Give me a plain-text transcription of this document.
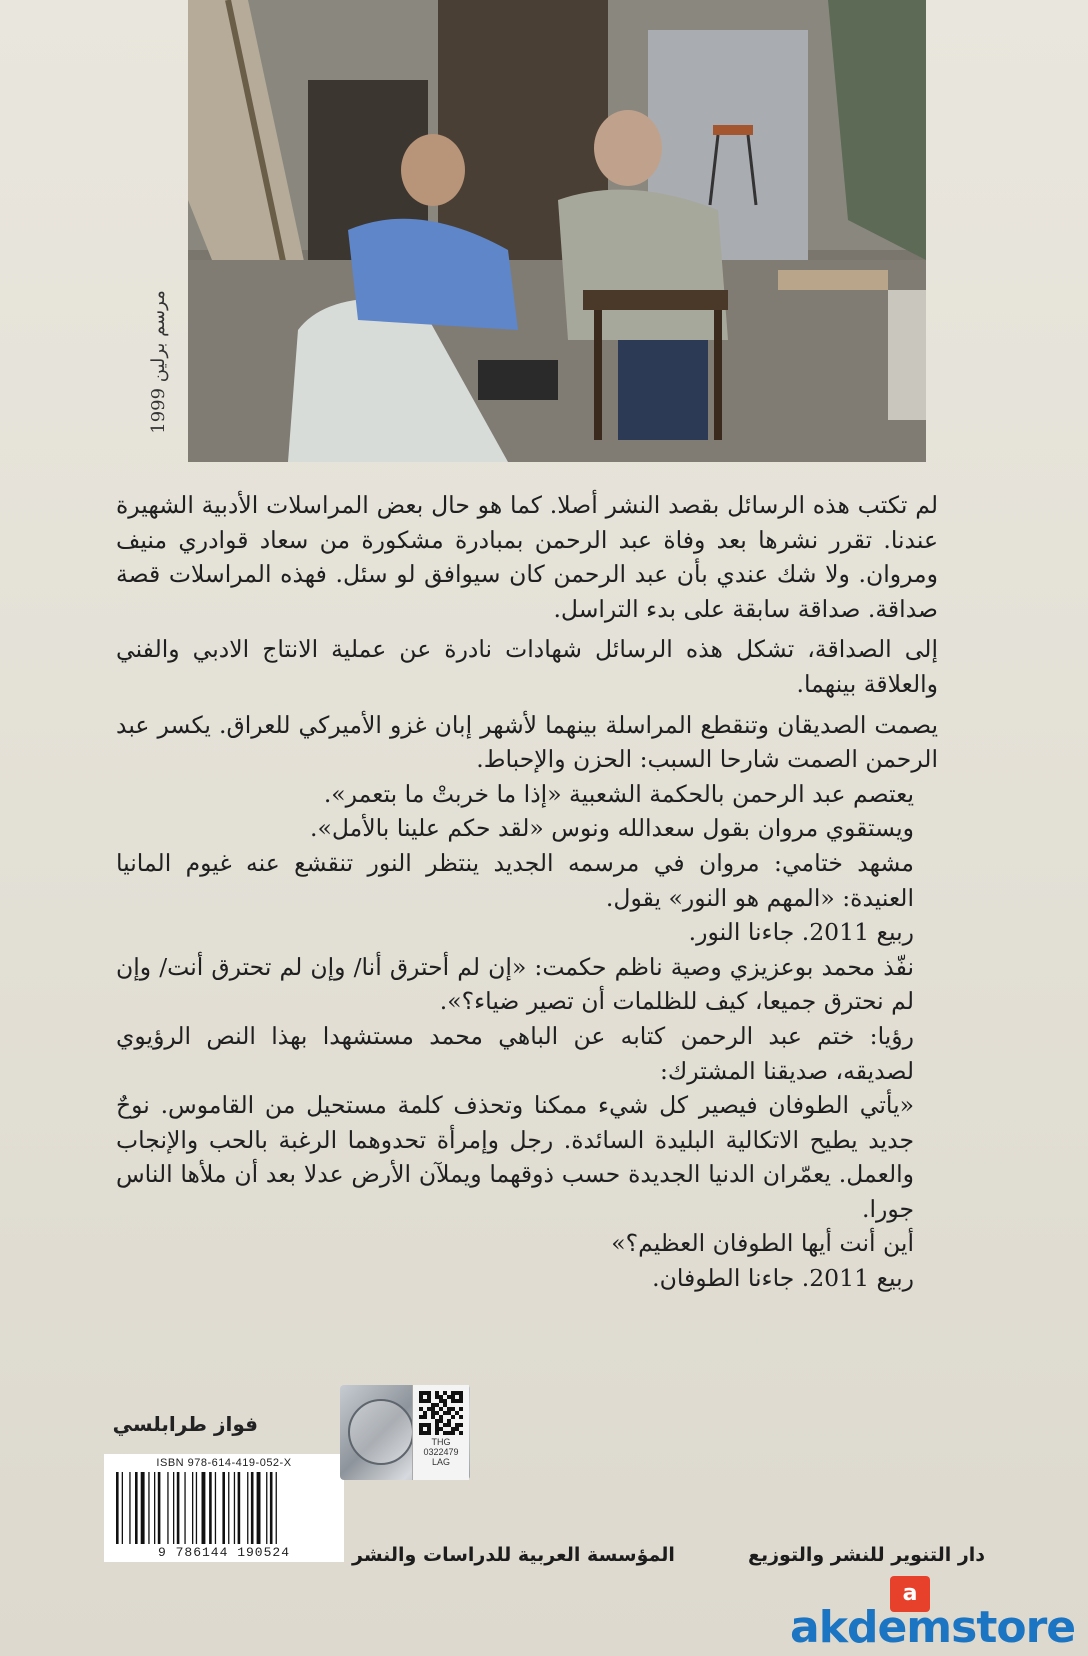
مرسم برلين 1999

لم تكتب هذه الرسائل بقصد النشر أصلا. كما هو حال بعض المراسلات الأدبية الشهيرة عندنا. تقرر نشرها بعد وفاة عبد الرحمن بمبادرة مشكورة من سعاد قوادري منيف ومروان. ولا شك عندي بأن عبد الرحمن كان سيوافق لو سئل. فهذه المراسلات قصة صداقة. صداقة سابقة على بدء التراسل.

إلى الصداقة، تشكل هذه الرسائل شهادات نادرة عن عملية الانتاج الادبي والفني والعلاقة بينهما.

يصمت الصديقان وتنقطع المراسلة بينهما لأشهر إبان غزو الأميركي للعراق. يكسر عبد الرحمن الصمت شارحا السبب: الحزن والإحباط.

يعتصم عبد الرحمن بالحكمة الشعبية «إذا ما خربتْ ما بتعمر».

ويستقوي مروان بقول سعدالله ونوس «لقد حكم علينا بالأمل».

مشهد ختامي: مروان في مرسمه الجديد ينتظر النور تنقشع عنه غيوم المانيا العنيدة: «المهم هو النور» يقول.

ربيع 2011. جاءنا النور.

نفّذ محمد بوعزيزي وصية ناظم حكمت: «إن لم أحترق أنا/ وإن لم تحترق أنت/ وإن لم نحترق جميعا، كيف للظلمات أن تصير ضياء؟».

رؤيا: ختم عبد الرحمن كتابه عن الباهي محمد مستشهدا بهذا النص الرؤيوي لصديقه، صديقنا المشترك:

«يأتي الطوفان فيصير كل شيء ممكنا وتحذف كلمة مستحيل من القاموس. نوحٌ جديد يطيح الاتكالية البليدة السائدة. رجل وإمرأة تحدوهما الرغبة بالحب والإنجاب والعمل. يعمّران الدنيا الجديدة حسب ذوقهما ويملآن الأرض عدلا بعد أن ملأها الناس جورا.

أين أنت أيها الطوفان العظيم؟»

ربيع 2011. جاءنا الطوفان.

فواز طرابلسي
ISBN 978-614-419-052-X
9 786144 190524
THG
0322479
LAG
المؤسسة العربية للدراسات والنشر	دار التنوير للنشر والتوزيع
a
akdemstore
